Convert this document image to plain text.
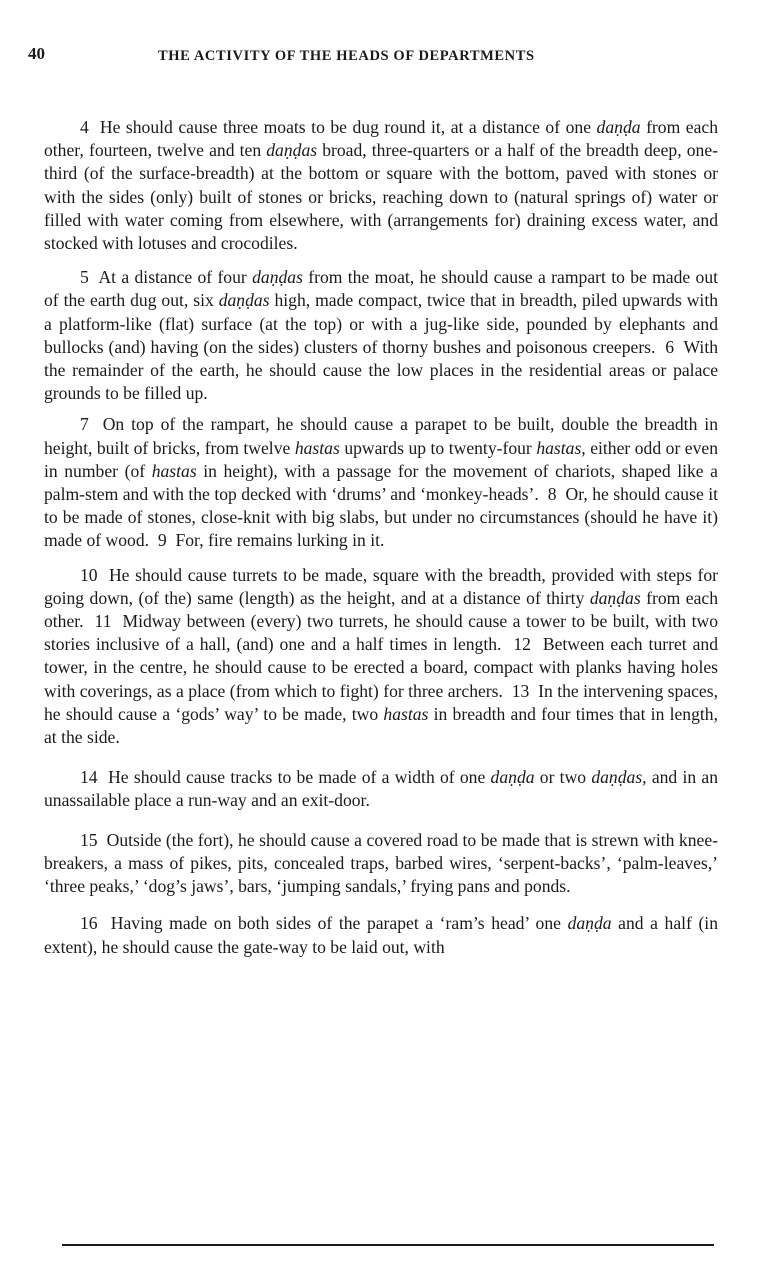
40	THE ACTIVITY OF THE HEADS OF DEPARTMENTS

4 He should cause three moats to be dug round it, at a distance of one daṇḍa from each other, fourteen, twelve and ten daṇḍas broad, three-quarters or a half of the breadth deep, one-third (of the surface-breadth) at the bottom or square with the bottom, paved with stones or with the sides (only) built of stones or bricks, reaching down to (natural springs of) water or filled with water coming from elsewhere, with (arrangements for) draining excess water, and stocked with lotuses and crocodiles.

5 At a distance of four daṇḍas from the moat, he should cause a rampart to be made out of the earth dug out, six daṇḍas high, made compact, twice that in breadth, piled upwards with a platform-like (flat) surface (at the top) or with a jug-like side, pounded by elephants and bullocks (and) having (on the sides) clusters of thorny bushes and poisonous creepers. 6 With the remainder of the earth, he should cause the low places in the residential areas or palace grounds to be filled up.

7 On top of the rampart, he should cause a parapet to be built, double the breadth in height, built of bricks, from twelve hastas upwards up to twenty-four hastas, either odd or even in number (of hastas in height), with a passage for the movement of chariots, shaped like a palm-stem and with the top decked with ‘drums’ and ‘monkey-heads’. 8 Or, he should cause it to be made of stones, close-knit with big slabs, but under no circumstances (should he have it) made of wood. 9 For, fire remains lurking in it.

10 He should cause turrets to be made, square with the breadth, provided with steps for going down, (of the) same (length) as the height, and at a distance of thirty daṇḍas from each other. 11 Midway between (every) two turrets, he should cause a tower to be built, with two stories inclusive of a hall, (and) one and a half times in length. 12 Between each turret and tower, in the centre, he should cause to be erected a board, compact with planks having holes with coverings, as a place (from which to fight) for three archers. 13 In the intervening spaces, he should cause a ‘gods’ way’ to be made, two hastas in breadth and four times that in length, at the side.

14 He should cause tracks to be made of a width of one daṇḍa or two daṇḍas, and in an unassailable place a run-way and an exit-door.

15 Outside (the fort), he should cause a covered road to be made that is strewn with knee-breakers, a mass of pikes, pits, concealed traps, barbed wires, ‘serpent-backs’, ‘palm-leaves,’ ‘three peaks,’ ‘dog’s jaws’, bars, ‘jumping sandals,’ frying pans and ponds.

16 Having made on both sides of the parapet a ‘ram’s head’ one daṇḍa and a half (in extent), he should cause the gate-way to be laid out, with
